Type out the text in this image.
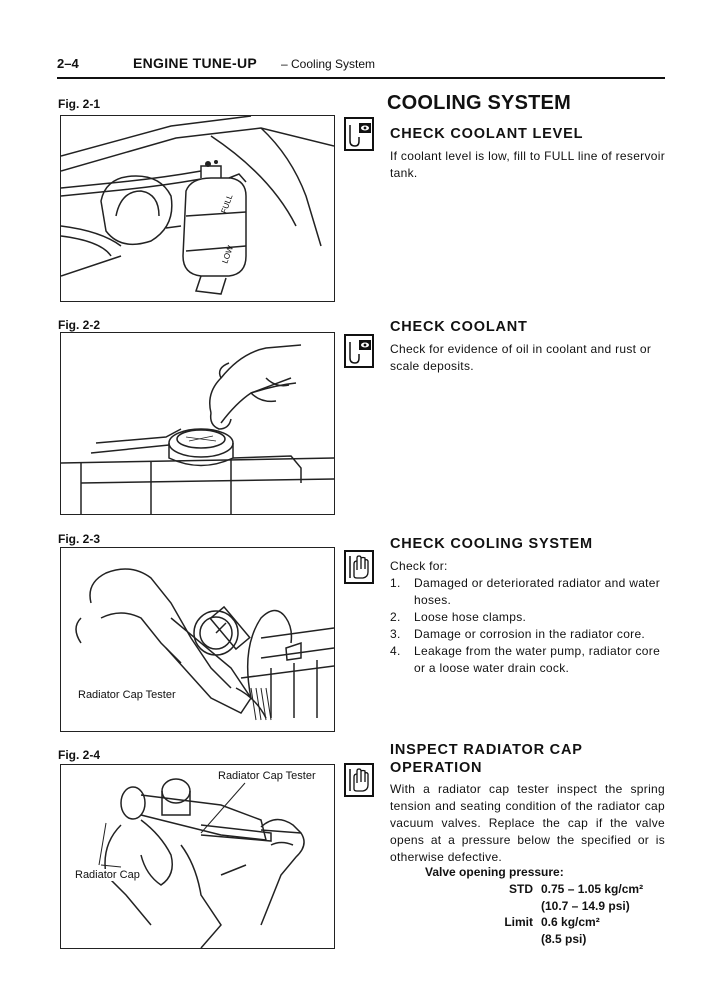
2–4	ENGINE TUNE-UP – Cooling System
COOLING SYSTEM
Fig. 2-1
FULL
LOW
CHECK COOLANT LEVEL
If coolant level is low, fill to FULL line of reservoir tank.
Fig. 2-2	CHECK COOLANT
Check for evidence of oil in coolant and rust or scale deposits.
Fig. 2-3
Radiator Cap Tester
CHECK COOLING SYSTEM
Check for:
1. Damaged or deteriorated radiator and water hoses.
2. Loose hose clamps.
3. Damage or corrosion in the radiator core.
4. Leakage from the water pump, radiator core or a loose water drain cock.
Fig. 2-4
Radiator Cap Tester
Radiator Cap
INSPECT RADIATOR CAP
OPERATION
With a radiator cap tester inspect the spring tension and seating condition of the radiator cap vacuum valves. Replace the cap if the valve opens at a pressure below the specified or is otherwise defective.
Valve opening pressure:
STD 0.75 – 1.05 kg/cm²
(10.7 – 14.9 psi)
Limit 0.6 kg/cm²
(8.5 psi)
